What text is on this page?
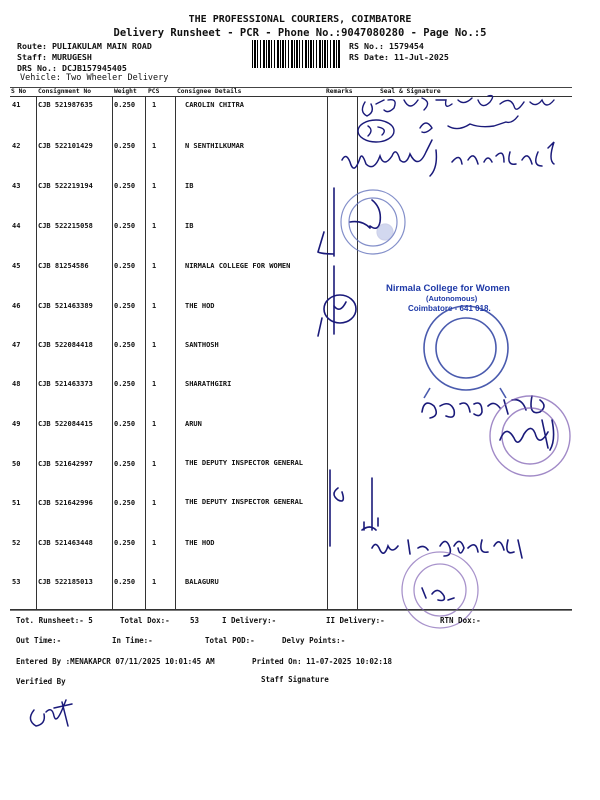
THE PROFESSIONAL COURIERS, COIMBATORE
Delivery Runsheet - PCR - Phone No.:9047080280 - Page No.:5
Route: PULIAKULAM MAIN ROAD
Staff: MURUGESH
DRS No.: DCJB157945405
Vehicle: Two Wheeler Delivery
RS No.: 1579454
RS Date: 11-Jul-2025
S No Consignment No	Weight PCS	Consignee Details	Remarks	Seal & Signature
41	CJB 521987635	0.250 1	CAROLIN CHITRA
42	CJB 522101429	0.250 1	N SENTHILKUMAR
43	CJB 522219194	0.250 1	IB
44	CJB 522215058	0.250 1	IB
45	CJB 81254586	0.250 1	NIRMALA COLLEGE FOR WOMEN
46	CJB 521463389	0.250 1	THE HOD
47	CJB 522084418	0.250 1	SANTHOSH
48	CJB 521463373	0.250 1	SHARATHGIRI
49	CJB 522084415	0.250 1	ARUN
50	CJB 521642997	0.250 1	THE DEPUTY INSPECTOR GENERAL
51	CJB 521642996	0.250 1	THE DEPUTY INSPECTOR GENERAL
52	CJB 521463448	0.250 1	THE HOD
53	CJB 522185013	0.250 1	BALAGURU
Nirmala College for Women
(Autonomous)
Coimbatore - 641 018.
Tot. Runsheet:- 5	Total Dox:-	53	I Delivery:-	II Delivery:-	RTN Dox:-
Out Time:-	In Time:-	Total POD:-	Delvy Points:-
Entered By :MENAKAPCR 07/11/2025 10:01:45 AM	Printed On: 11-07-2025 10:02:18
Verified By	Staff Signature
